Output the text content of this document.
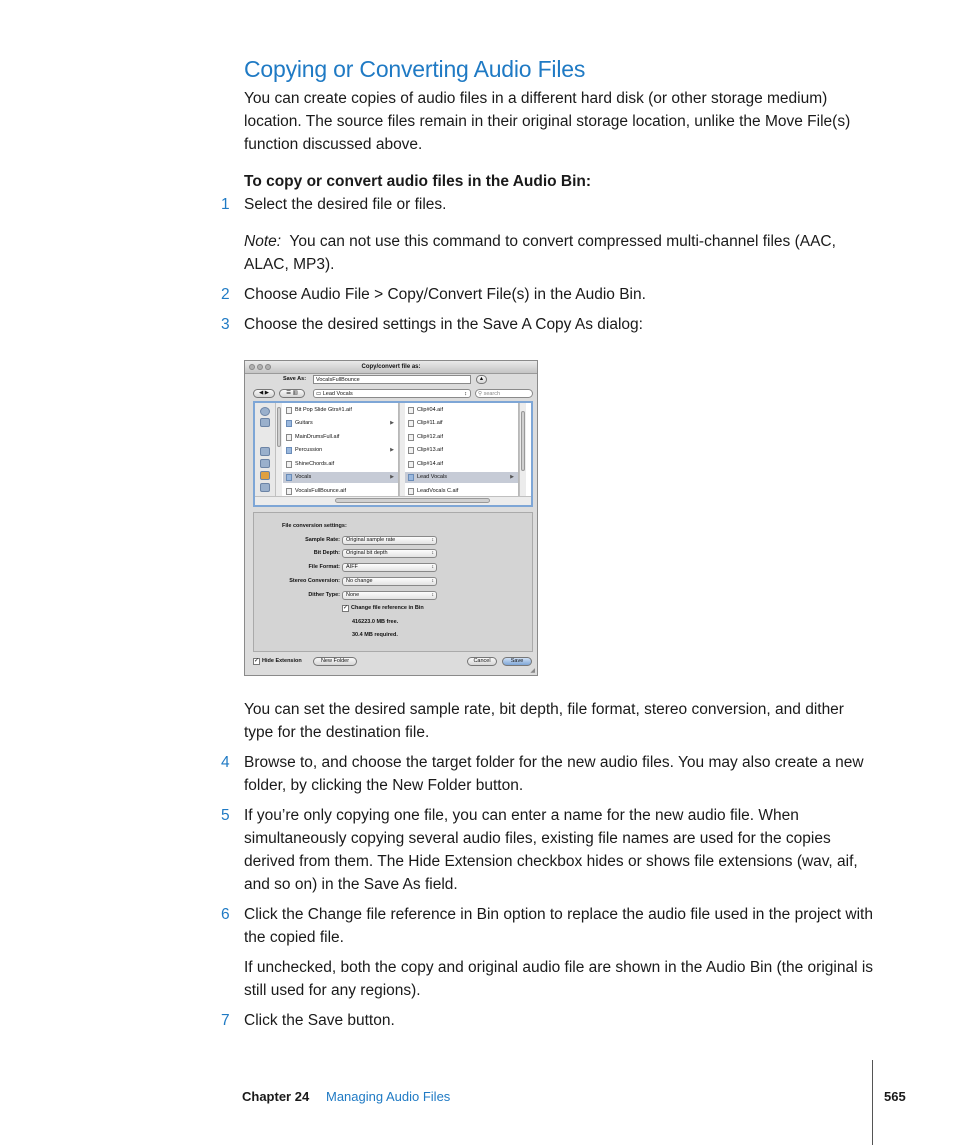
Copying or Converting Audio Files
You can create copies of audio files in a different hard disk (or other storage medium) location. The source files remain in their original storage location, unlike the Move File(s) function discussed above.
To copy or convert audio files in the Audio Bin:
1 Select the desired file or files.
Note: You can not use this command to convert compressed multi-channel files (AAC, ALAC, MP3).
2 Choose Audio File > Copy/Convert File(s) in the Audio Bin.
3 Choose the desired settings in the Save A Copy As dialog:
Copy/convert file as:
Save As:	VocalsFullBounce	▲
◀ ▶	☰ ▥	▭ Lead Vocals	↕	⚲ search
Bit Pop Slide Gtrs#1.aif
Guitars	▶
MainDrumsFull.aif
Percussion	▶
ShineChords.aif
Vocals	▶
VocalsFullBounce.aif
Clip#04.aif
Clip#11.aif
Clip#12.aif
Clip#13.aif
Clip#14.aif
Lead Vocals	▶
LeadVocals C.aif
File conversion settings:
Sample Rate:	Original sample rate	↕
Bit Depth:	Original bit depth	↕
File Format:	AIFF	↕
Stereo Conversion:	No change	↕
Dither Type:	None	↕
✓ Change file reference in Bin
416223.0 MB free.
30.4 MB required.
✓ Hide Extension	New Folder	Cancel	Save
◢
You can set the desired sample rate, bit depth, file format, stereo conversion, and dither type for the destination file.
4 Browse to, and choose the target folder for the new audio files. You may also create a new folder, by clicking the New Folder button.
5 If you’re only copying one file, you can enter a name for the new audio file. When simultaneously copying several audio files, existing file names are used for the copies derived from them. The Hide Extension checkbox hides or shows file extensions (wav, aif, and so on) in the Save As field.
6 Click the Change file reference in Bin option to replace the audio file used in the project with the copied file.
If unchecked, both the copy and original audio file are shown in the Audio Bin (the original is still used for any regions).
7 Click the Save button.
Chapter 24 Managing Audio Files	565
